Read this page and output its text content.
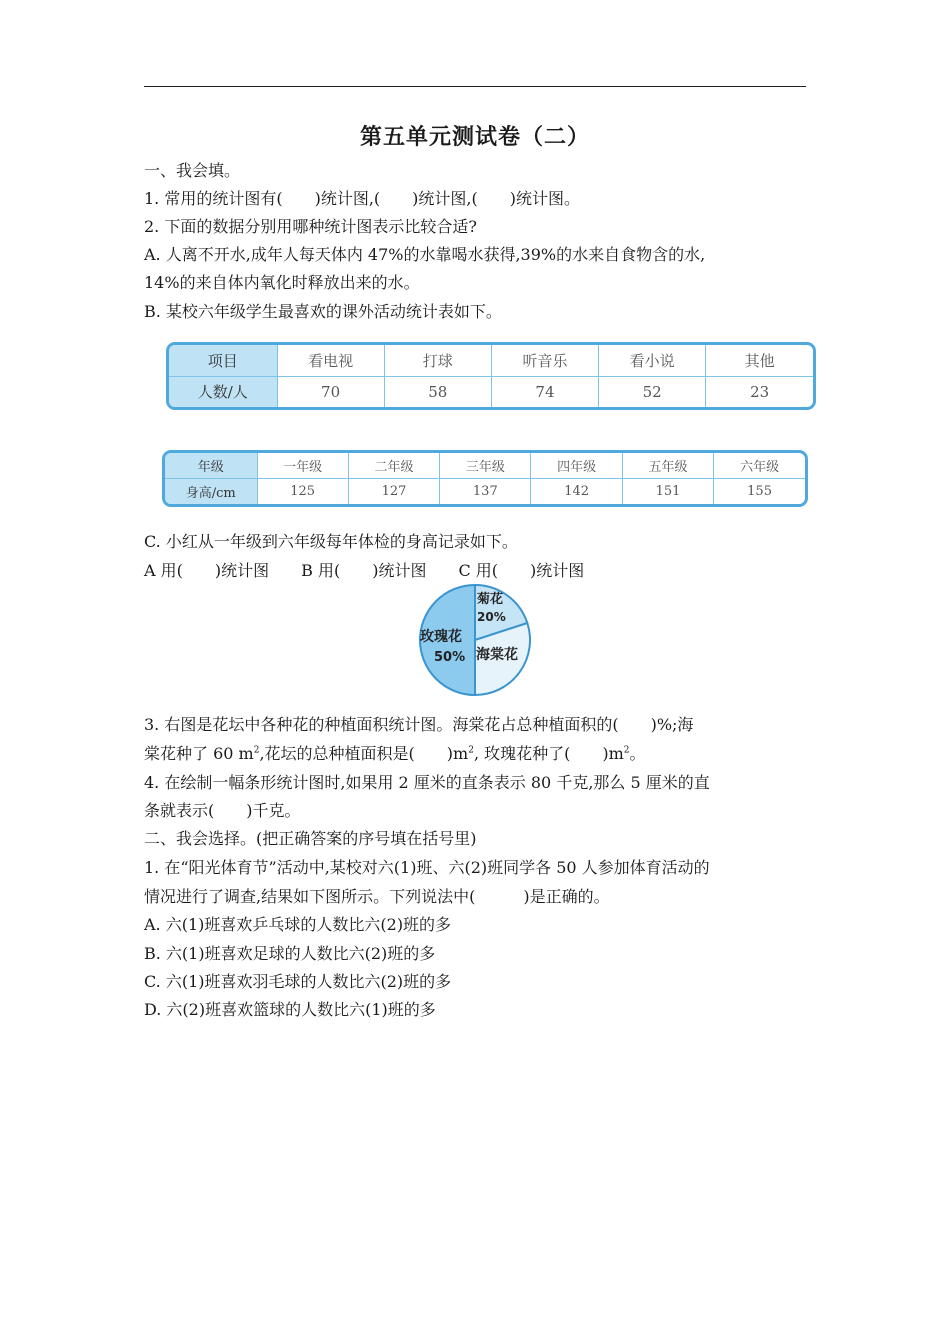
第五单元测试卷（二）
一、我会填。
1. 常用的统计图有(　　)统计图,(　　)统计图,(　　)统计图。
2. 下面的数据分别用哪种统计图表示比较合适?
A. 人离不开水,成年人每天体内 47%的水靠喝水获得,39%的水来自食物含的水,
14%的来自体内氧化时释放出来的水。
B. 某校六年级学生最喜欢的课外活动统计表如下。
项目	看电视	打球	听音乐	看小说	其他
人数/人	70	58	74	52	23
年级	一年级	二年级	三年级	四年级	五年级	六年级
身高/cm	125	127	137	142	151	155
C. 小红从一年级到六年级每年体检的身高记录如下。
A 用(　　)统计图　　B 用(　　)统计图　　C 用(　　)统计图
菊花
20%
玫瑰花
50% 海棠花
3. 右图是花坛中各种花的种植面积统计图。海棠花占总种植面积的(　　)%;海
棠花种了 60 $m^2$,花坛的总种植面积是(　　)$m^2$, 玫瑰花种了(　　)$m^2$。
4. 在绘制一幅条形统计图时,如果用 2 厘米的直条表示 80 千克,那么 5 厘米的直
条就表示(　　)千克。
二、我会选择。(把正确答案的序号填在括号里)
1. 在“阳光体育节”活动中,某校对六(1)班、六(2)班同学各 50 人参加体育活动的
情况进行了调查,结果如下图所示。下列说法中(　　　)是正确的。
A. 六(1)班喜欢乒乓球的人数比六(2)班的多
B. 六(1)班喜欢足球的人数比六(2)班的多
C. 六(1)班喜欢羽毛球的人数比六(2)班的多
D. 六(2)班喜欢篮球的人数比六(1)班的多
